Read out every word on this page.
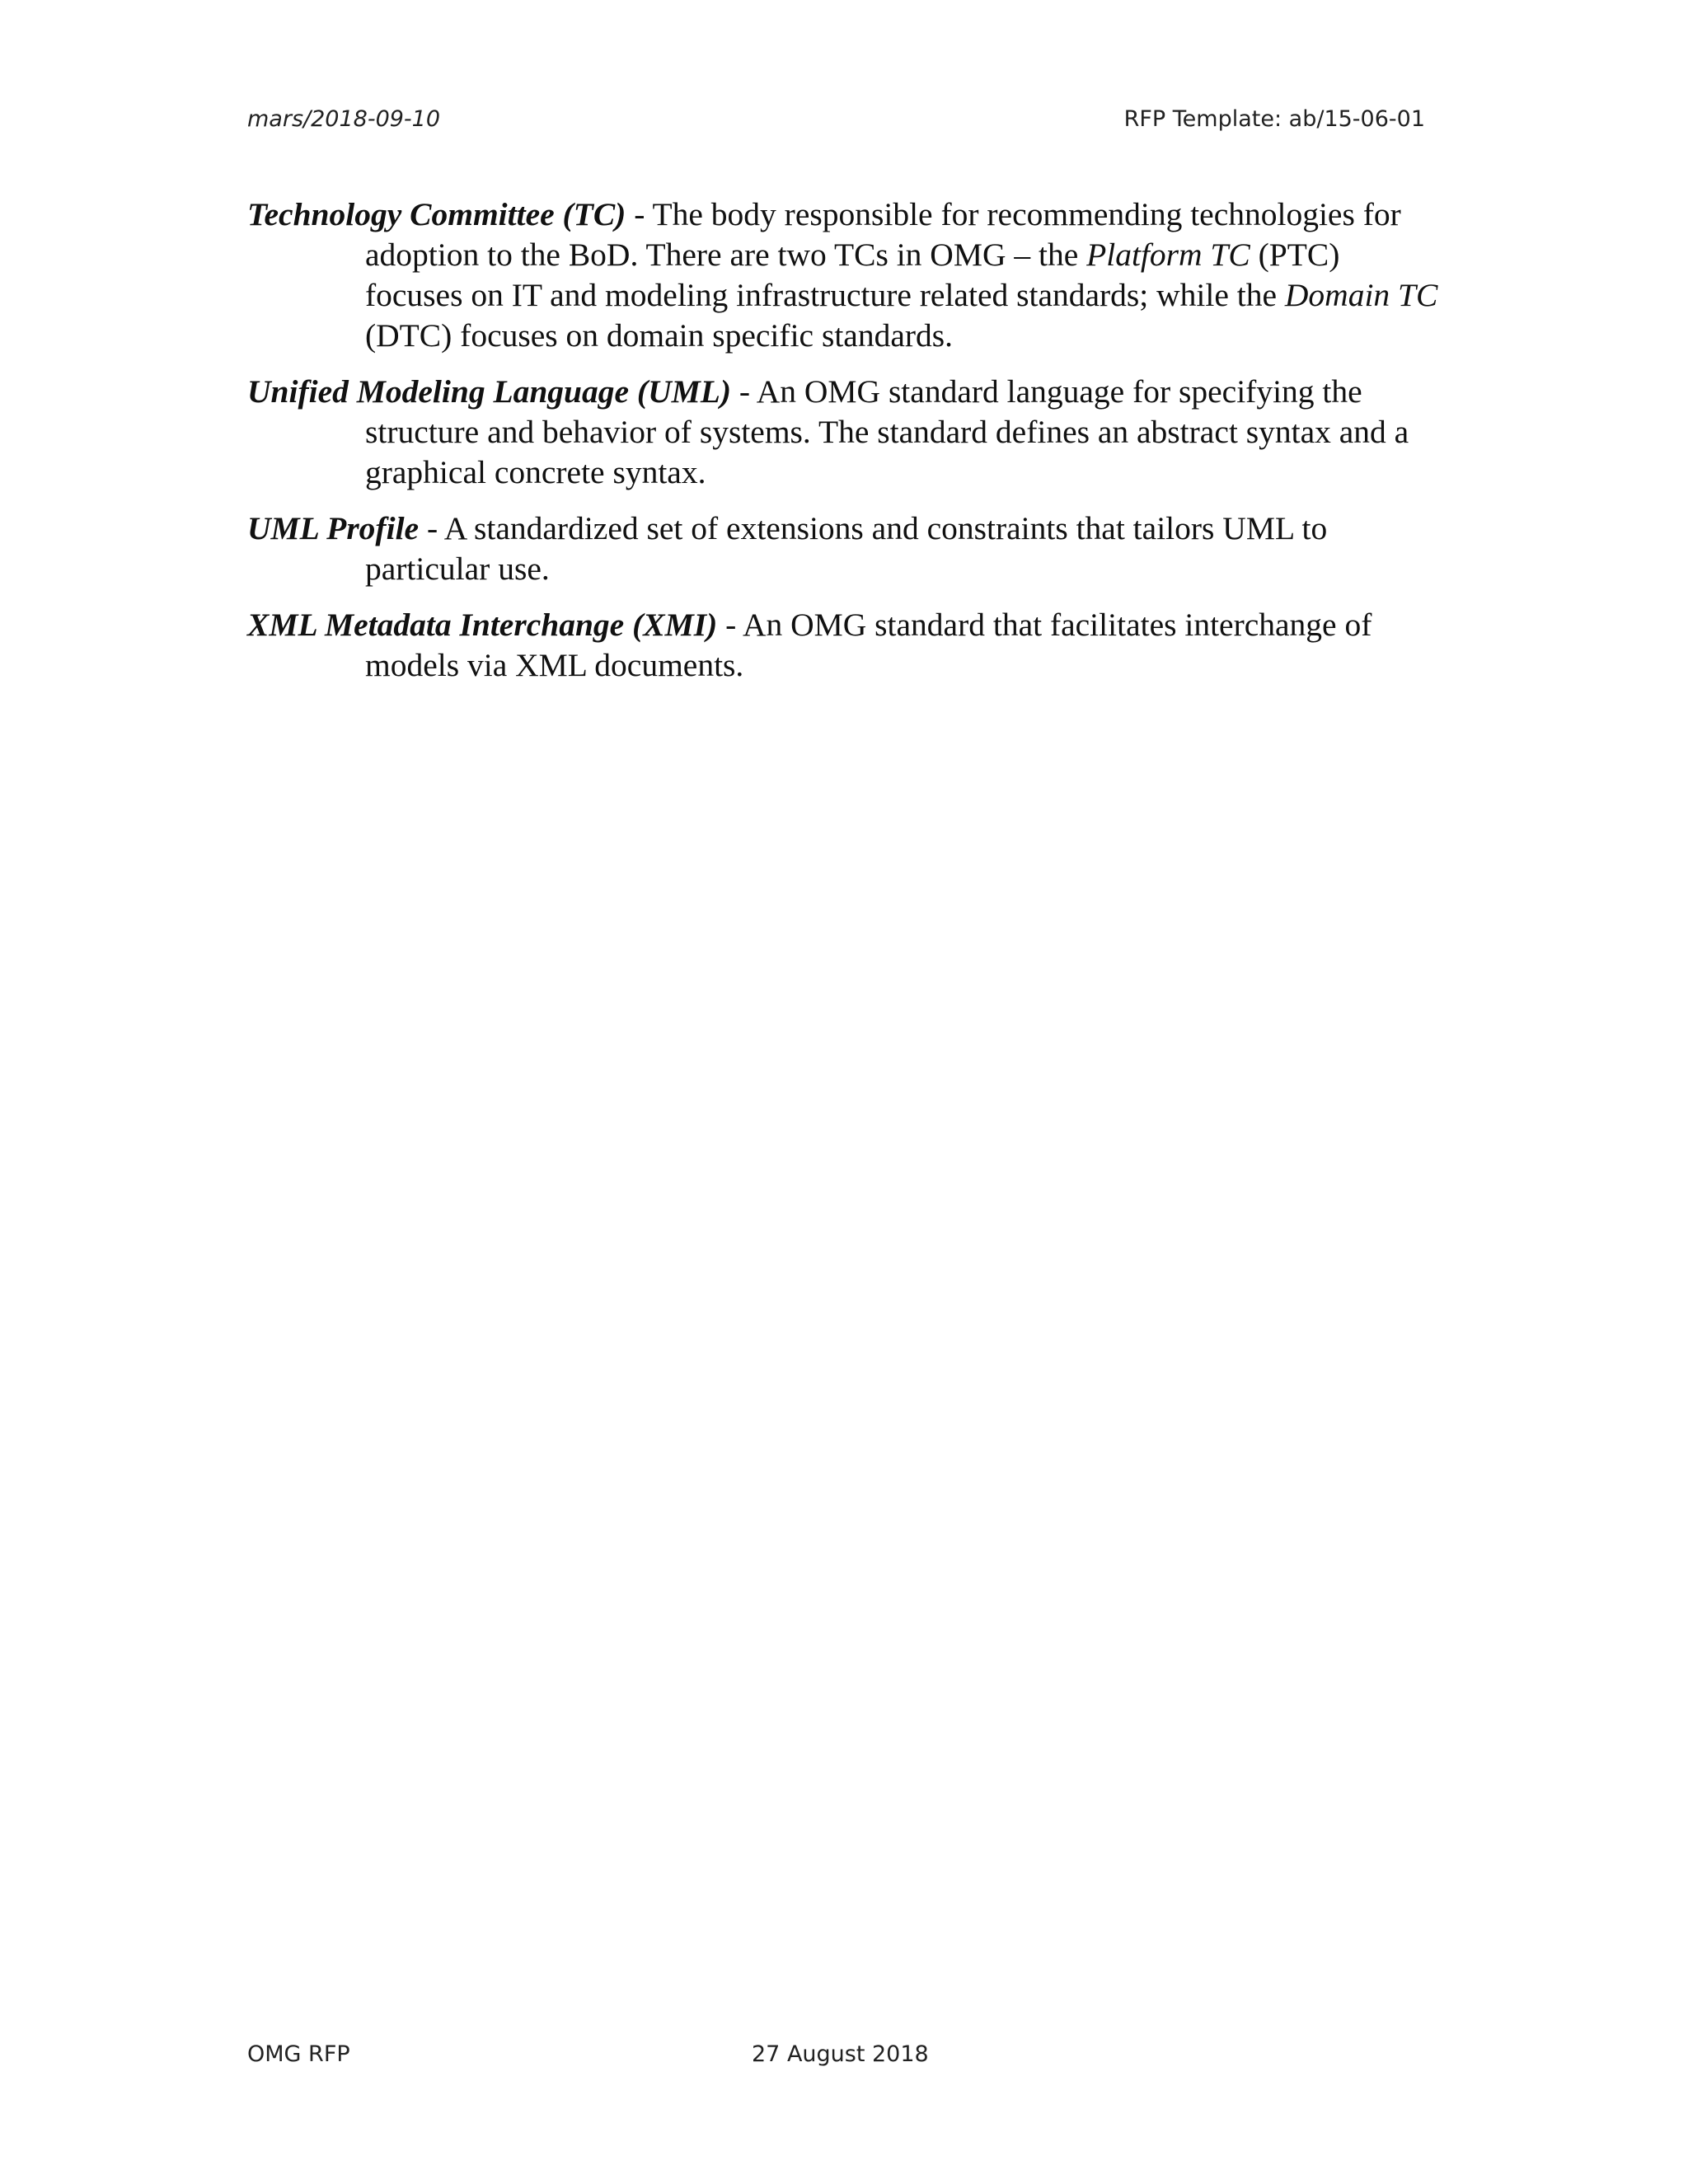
mars/2018-09-10	RFP Template: ab/15-06-01

Technology Committee (TC) - The body responsible for recommending technologies for adoption to the BoD. There are two TCs in OMG – the Platform TC (PTC) focuses on IT and modeling infrastructure related standards; while the Domain TC (DTC) focuses on domain specific standards.

Unified Modeling Language (UML) - An OMG standard language for specifying the structure and behavior of systems. The standard defines an abstract syntax and a graphical concrete syntax.

UML Profile - A standardized set of extensions and constraints that tailors UML to particular use.

XML Metadata Interchange (XMI) - An OMG standard that facilitates interchange of models via XML documents.

OMG RFP	27 August 2018
